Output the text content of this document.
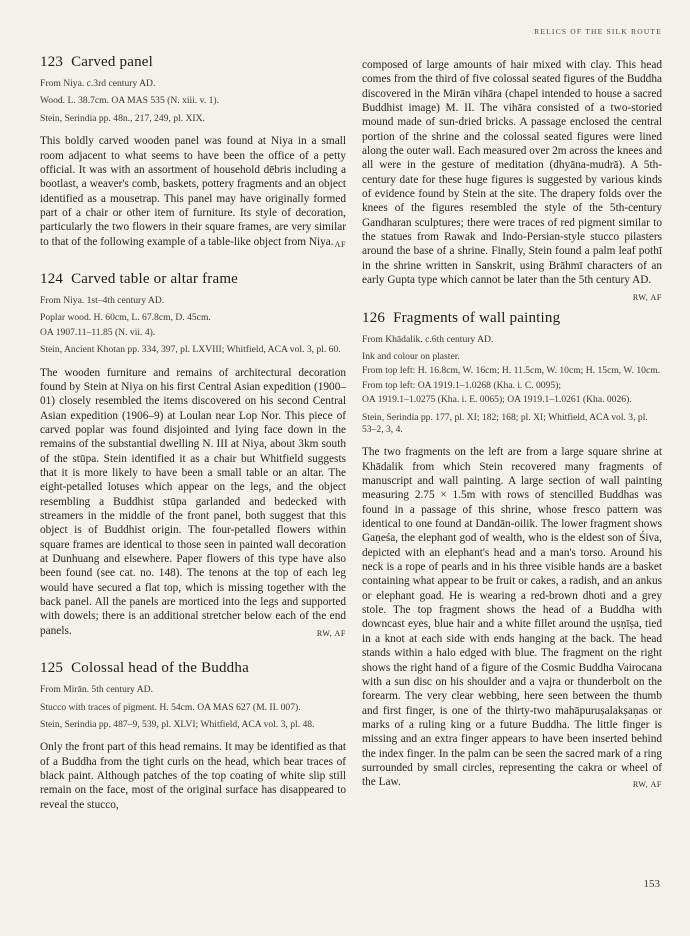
RELICS OF THE SILK ROUTE
123 Carved panel

From Niya. c.3rd century AD.

Wood. L. 38.7cm. OA MAS 535 (N. xiii. v. 1).

Stein, Serindia pp. 48n., 217, 249, pl. XIX.

This boldly carved wooden panel was found at Niya in a small room adjacent to what seems to have been the office of a petty official. It was with an assortment of household dēbris including a bootlast, a weaver's comb, baskets, pottery fragments and an object identified as a mousetrap. This panel may have originally formed part of a chair or other item of furniture. Its style of decoration, particularly the two flowers in their square frames, are very similar to that of the following example of a table-like object from Niya. AF

124 Carved table or altar frame

From Niya. 1st–4th century AD.

Poplar wood. H. 60cm, L. 67.8cm, D. 45cm.

OA 1907.11–11.85 (N. vii. 4).

Stein, Ancient Khotan pp. 334, 397, pl. LXVIII; Whitfield, ACA vol. 3, pl. 60.

The wooden furniture and remains of architectural decoration found by Stein at Niya on his first Central Asian expedition (1900–01) closely resembled the items discovered on his second Central Asian expedition (1906–9) at Loulan near Lop Nor. This piece of carved poplar was found disjointed and lying face down in the remains of the substantial dwelling N. III at Niya, about 3km south of the stūpa. Stein identified it as a chair but Whitfield suggests that it is more likely to have been a small table or an altar. The eight-petalled lotuses which appear on the legs, and the object resembling a Buddhist stūpa garlanded and bedecked with streamers in the middle of the front panel, both suggest that this object is of Buddhist origin. The four-petalled flowers within square frames are identical to those seen in painted wall decoration at Dunhuang and elsewhere. Paper flowers of this type have also been found (see cat. no. 148). The tenons at the top of each leg would have secured a flat top, which is missing together with the back panel. All the panels are morticed into the legs and supported with dowels; there is an additional stretcher below each of the end panels.	RW, AF

125 Colossal head of the Buddha

From Mirān. 5th century AD.

Stucco with traces of pigment. H. 54cm. OA MAS 627 (M. II. 007).

Stein, Serindia pp. 487–9, 539, pl. XLVI; Whitfield, ACA vol. 3, pl. 48.

Only the front part of this head remains. It may be identified as that of a Buddha from the tight curls on the head, which bear traces of black paint. Although patches of the top coating of white slip still remain on the face, most of the original surface has disappeared to reveal the stucco,

composed of large amounts of hair mixed with clay. This head comes from the third of five colossal seated figures of the Buddha discovered in the Mirān vihāra (chapel intended to house a sacred Buddhist image) M. II. The vihāra consisted of a two-storied mound made of sun-dried bricks. A passage enclosed the central portion of the shrine and the colossal seated figures were lined along the outer wall. Each measured over 2m across the knees and all were in the gesture of meditation (dhyāna-mudrā). A 5th-century date for these huge figures is suggested by various kinds of evidence found by Stein at the site. The drapery folds over the knees of the figures resembled the style of the 5th-century Gandharan sculptures; there were traces of red pigment similar to the statues from Rawak and Indo-Persian-style stucco pilasters around the base of a shrine. Finally, Stein found a palm leaf pothī in the shrine written in Sanskrit, using Brāhmī characters of an early Gupta type which cannot be later than the 5th century AD.
RW, AF

126 Fragments of wall painting

From Khādalik. c.6th century AD.

Ink and colour on plaster.

From top left: H. 16.8cm, W. 16cm; H. 11.5cm, W. 10cm; H. 15cm, W. 10cm.

From top left: OA 1919.1–1.0268 (Kha. i. C. 0095);

OA 1919.1–1.0275 (Kha. i. E. 0065); OA 1919.1–1.0261 (Kha. 0026).

Stein, Serindia pp. 177, pl. XI; 182; 168; pl. XI; Whitfield, ACA vol. 3, pl. 53–2, 3, 4.

The two fragments on the left are from a large square shrine at Khādalik from which Stein recovered many fragments of manuscript and wall painting. A large section of wall painting measuring 2.75 × 1.5m with rows of stencilled Buddhas was found in a passage of this shrine, whose fresco pattern was identical to one found at Dandān-oilik. The lower fragment shows Gaṇeśa, the elephant god of wealth, who is the eldest son of Śiva, depicted with an elephant's head and a man's torso. Around his neck is a rope of pearls and in his three visible hands are a basket containing what appear to be fruit or cakes, a radish, and an ankus or elephant goad. He is wearing a red-brown dhoti and a grey stole. The top fragment shows the head of a Buddha with downcast eyes, blue hair and a white fillet around the uṣṇīṣa, tied in a knot at each side with ends hanging at the back. The head stands within a halo edged with blue. The fragment on the right shows the right hand of a figure of the Cosmic Buddha Vairocana with a sun disc on his shoulder and a vajra or thunderbolt on the forearm. The very clear webbing, here seen between the thumb and first finger, is one of the thirty-two mahāpuruṣalakṣaṇas or marks of a ruling king or a future Buddha. The little finger is missing and an extra finger appears to have been inserted behind the index finger. In the palm can be seen the sacred mark of a ring surrounded by small circles, representing the cakra or wheel of the Law.	RW, AF

153
